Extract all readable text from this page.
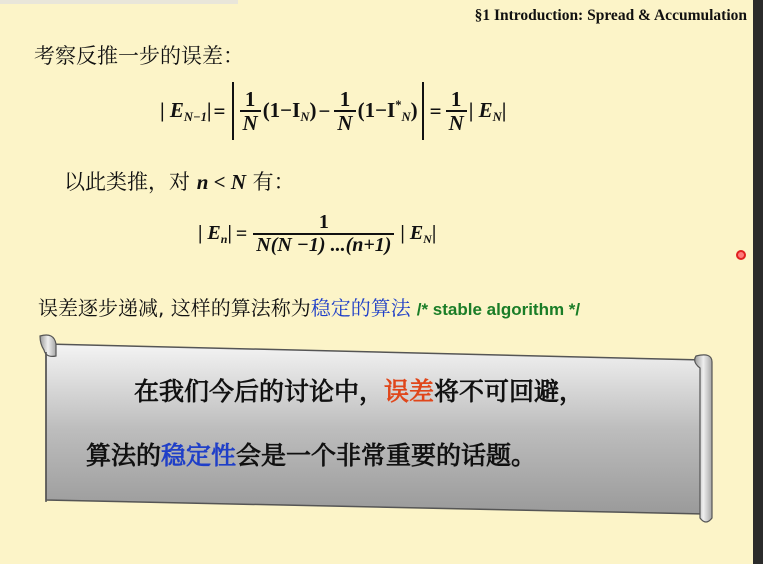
§1 Introduction: Spread & Accumulation
考察反推一步的误差：
| $E_{N-1}| = \frac{1}{N} (1-I_N) - \frac{1}{N} (1-I^*_N) = \frac{1}{N}$ | $E_N|$
以此类推，对 n < N 有：
| $E_n| = \frac{1}{N(N -1) ...(n+1)}$ | $E_N|$
误差逐步递减, 这样的算法称为稳定的算法 /* stable algorithm */
在我们今后的讨论中，误差将不可回避，
算法的稳定性会是一个非常重要的话题。
